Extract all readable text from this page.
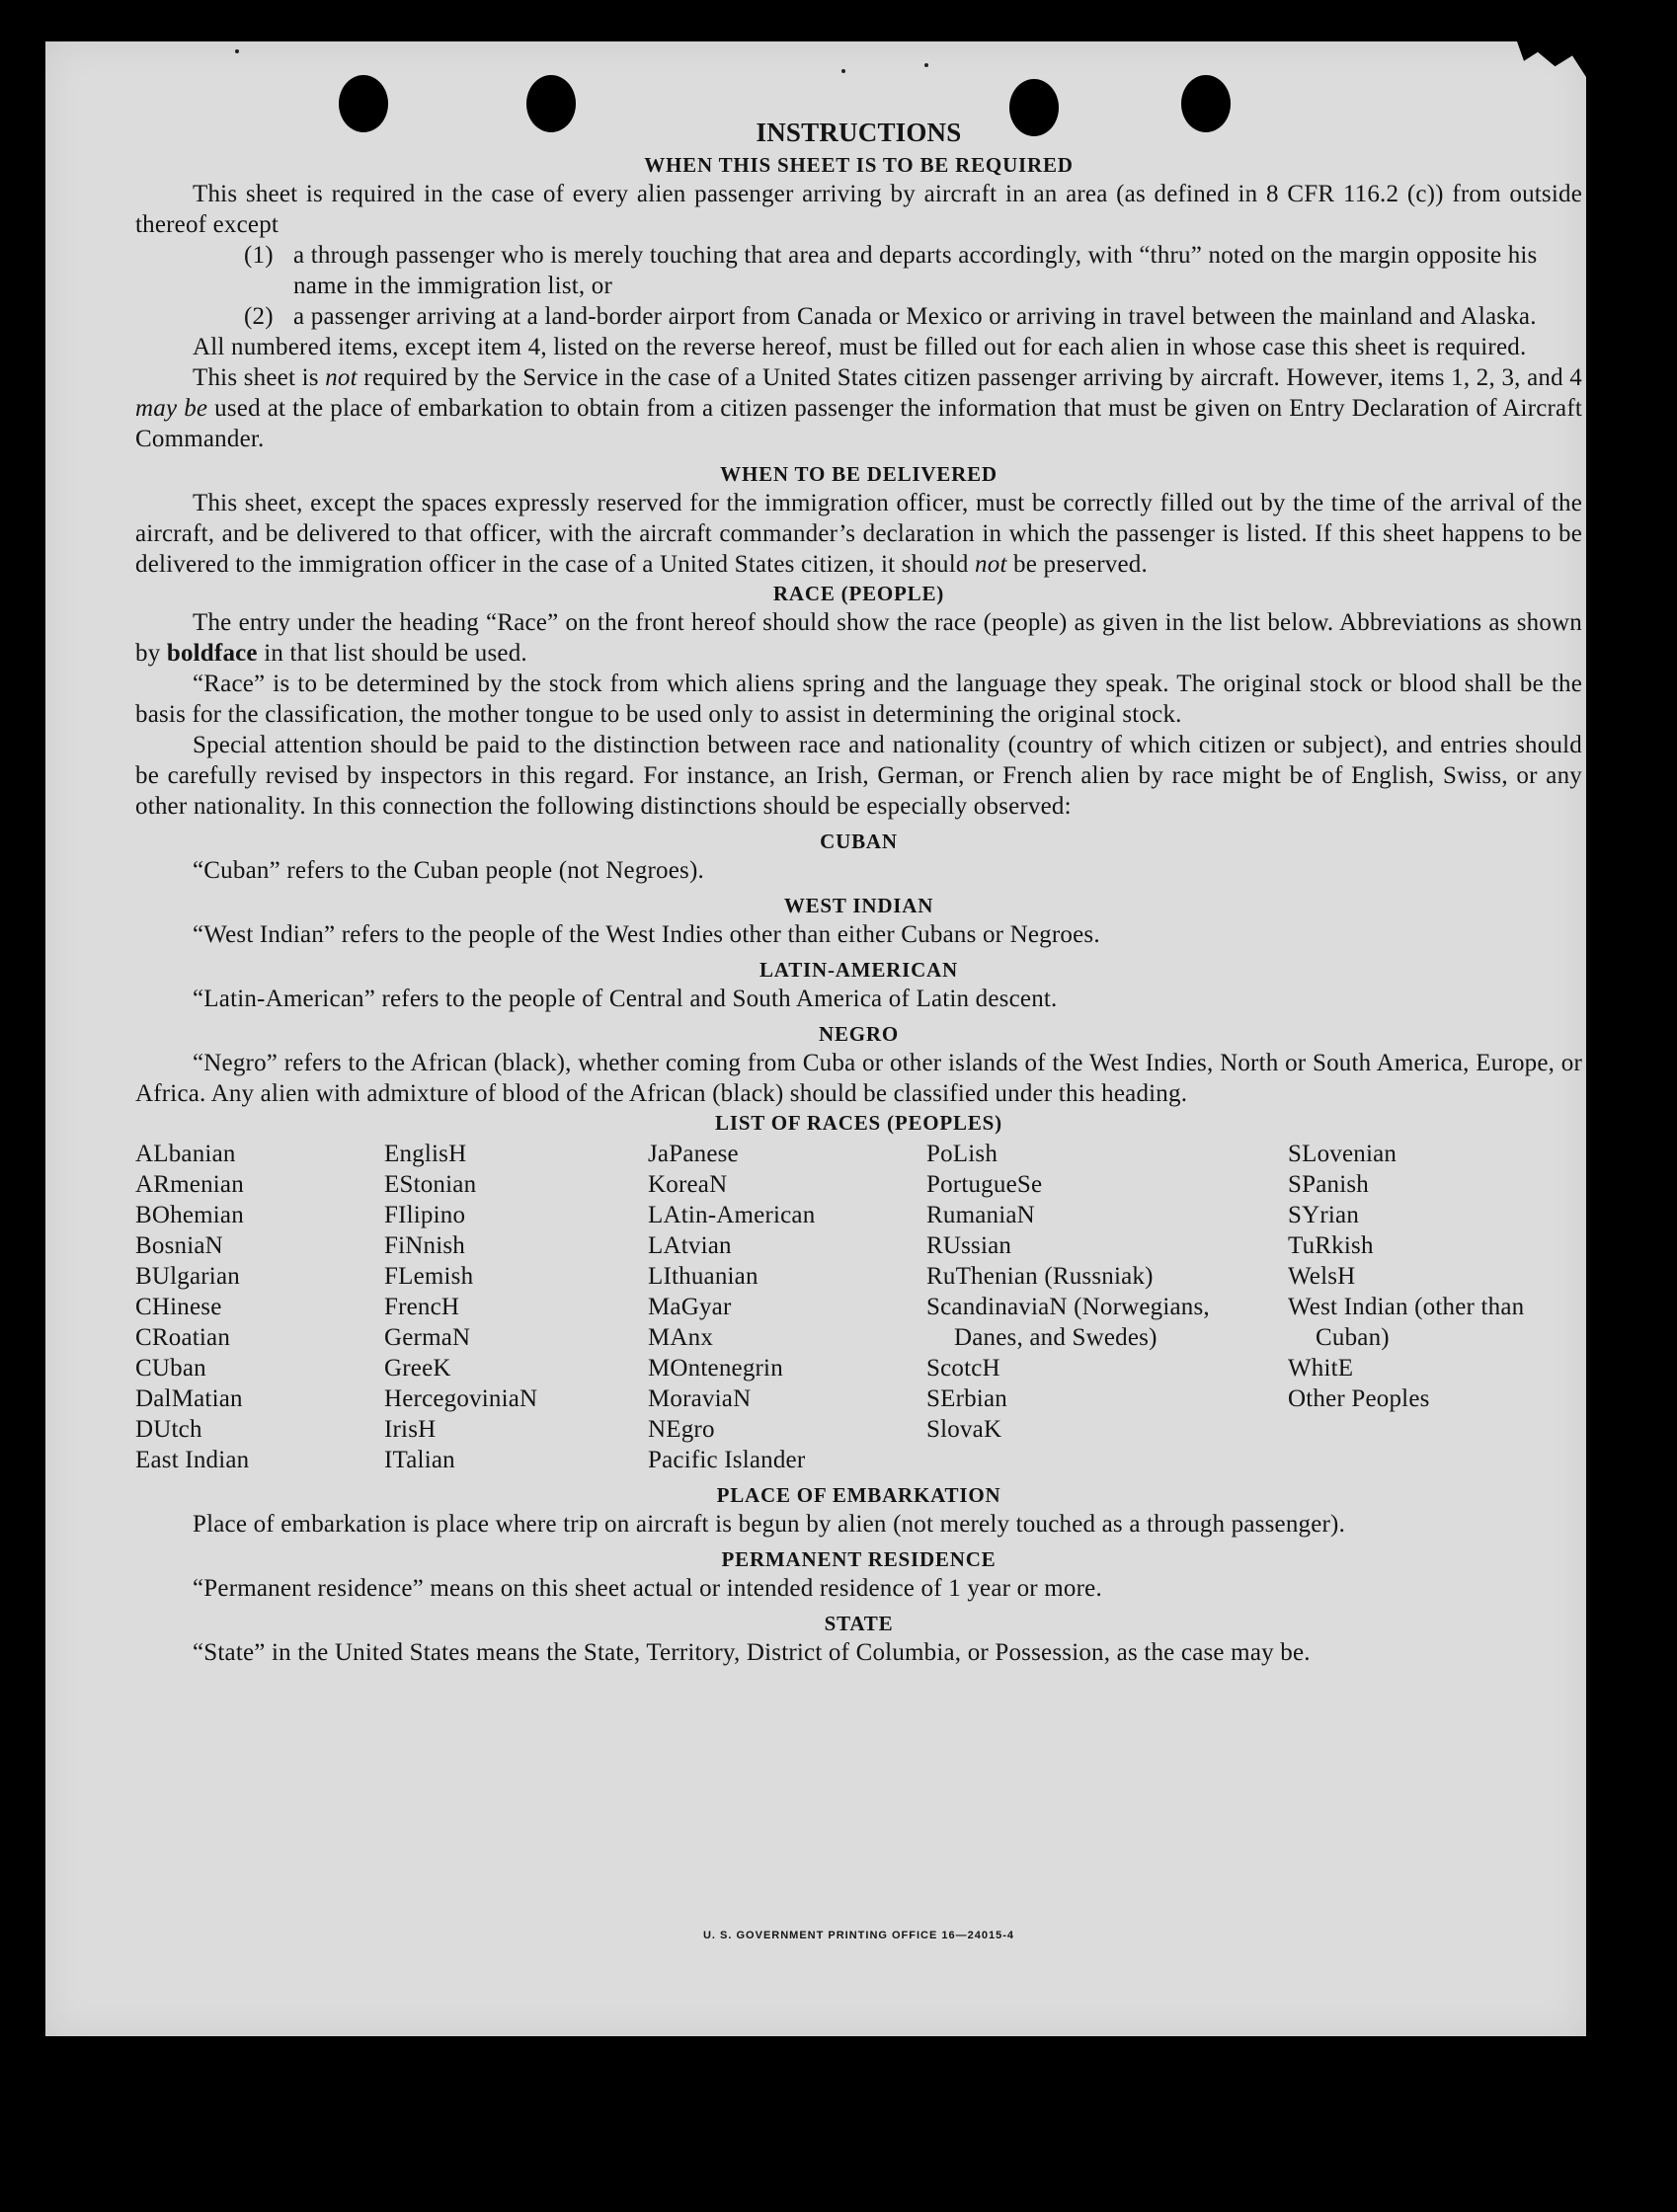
INSTRUCTIONS
WHEN THIS SHEET IS TO BE REQUIRED

This sheet is required in the case of every alien passenger arriving by aircraft in an area (as defined in 8 CFR 116.2 (c)) from outside thereof except

(1) a through passenger who is merely touching that area and departs accordingly, with “thru” noted on the margin opposite his name in the immigration list, or
(2) a passenger arriving at a land-border airport from Canada or Mexico or arriving in travel between the mainland and Alaska.

All numbered items, except item 4, listed on the reverse hereof, must be filled out for each alien in whose case this sheet is required.

This sheet is not required by the Service in the case of a United States citizen passenger arriving by aircraft. However, items 1, 2, 3, and 4 may be used at the place of embarkation to obtain from a citizen passenger the information that must be given on Entry Declaration of Aircraft Commander.

WHEN TO BE DELIVERED

This sheet, except the spaces expressly reserved for the immigration officer, must be correctly filled out by the time of the arrival of the aircraft, and be delivered to that officer, with the aircraft commander’s declaration in which the passenger is listed. If this sheet happens to be delivered to the immigration officer in the case of a United States citizen, it should not be preserved.

RACE (PEOPLE)

The entry under the heading “Race” on the front hereof should show the race (people) as given in the list below. Abbreviations as shown by boldface in that list should be used.

“Race” is to be determined by the stock from which aliens spring and the language they speak. The original stock or blood shall be the basis for the classification, the mother tongue to be used only to assist in determining the original stock.

Special attention should be paid to the distinction between race and nationality (country of which citizen or subject), and entries should be carefully revised by inspectors in this regard. For instance, an Irish, German, or French alien by race might be of English, Swiss, or any other nationality. In this connection the following distinctions should be especially observed:

CUBAN

“Cuban” refers to the Cuban people (not Negroes).

WEST INDIAN

“West Indian” refers to the people of the West Indies other than either Cubans or Negroes.

LATIN-AMERICAN

“Latin-American” refers to the people of Central and South America of Latin descent.

NEGRO

“Negro” refers to the African (black), whether coming from Cuba or other islands of the West Indies, North or South America, Europe, or Africa. Any alien with admixture of blood of the African (black) should be classified under this heading.

LIST OF RACES (PEOPLES)
ALbanian
ARmenian
BOhemian
BosniaN
BUlgarian
CHinese
CRoatian
CUban
DalMatian
DUtch
East Indian
EnglisH
EStonian
FIlipino
FiNnish
FLemish
FrencH
GermaN
GreeK
HercegoviniaN
IrisH
ITalian
JaPanese
KoreaN
LAtin-American
LAtvian
LIthuanian
MaGyar
MAnx
MOntenegrin
MoraviaN
NEgro
Pacific Islander
PoLish
PortugueSe
RumaniaN
RUssian
RuThenian (Russniak)
ScandinaviaN (Norwegians, Danes, and Swedes)
ScotcH
SErbian
SlovaK
SLovenian
SPanish
SYrian
TuRkish
WelsH
West Indian (other than Cuban)
WhitE
Other Peoples
PLACE OF EMBARKATION

Place of embarkation is place where trip on aircraft is begun by alien (not merely touched as a through passenger).

PERMANENT RESIDENCE

“Permanent residence” means on this sheet actual or intended residence of 1 year or more.

STATE

“State” in the United States means the State, Territory, District of Columbia, or Possession, as the case may be.

U. S. GOVERNMENT PRINTING OFFICE 16—24015-4
